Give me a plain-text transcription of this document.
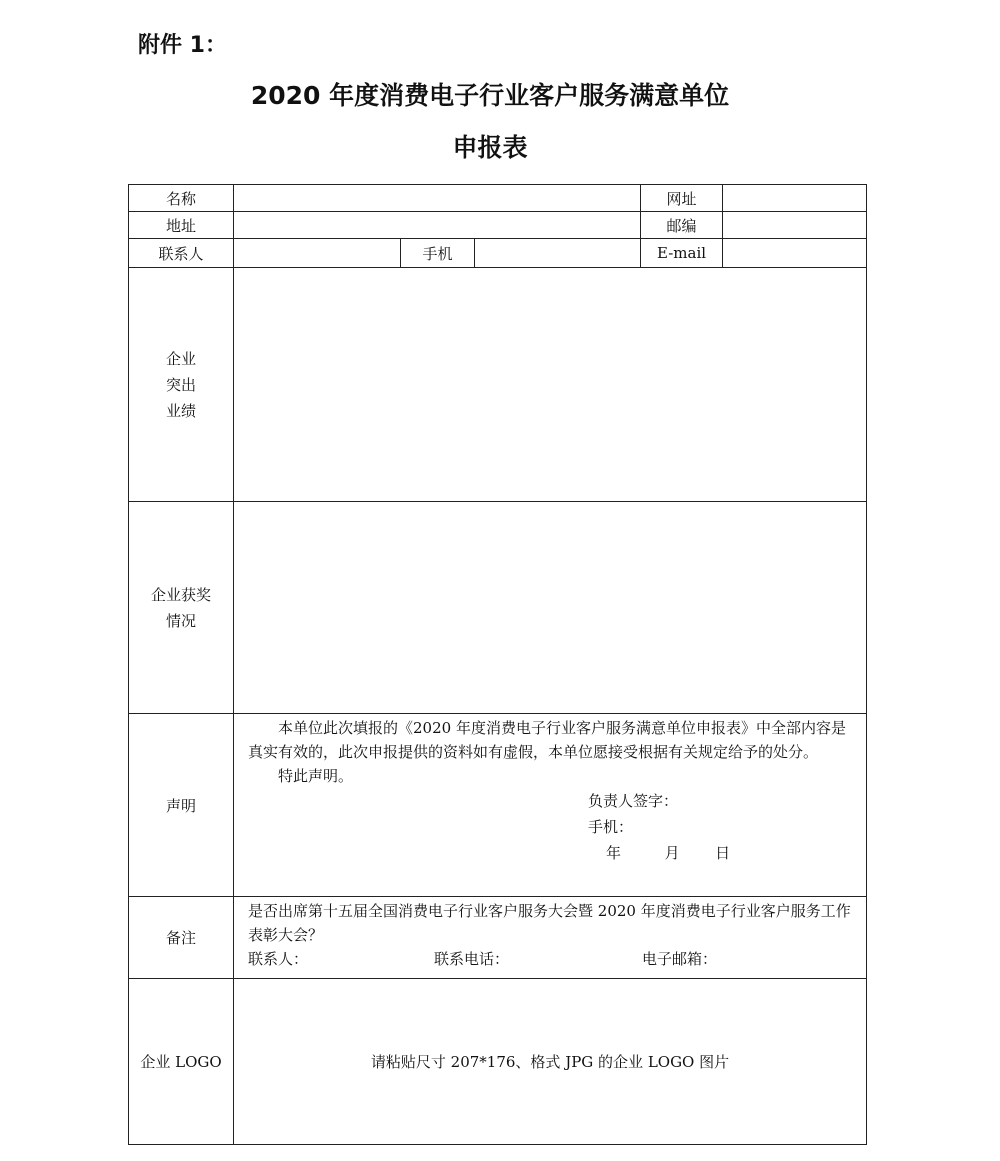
附件 1：
2020 年度消费电子行业客户服务满意单位
申报表
名称				网址	
地址				邮编	
联系人		手机		E-mail	

企业
突出
业绩					

企业获奖
情况					

声明	本单位此次填报的《2020 年度消费电子行业客户服务满意单位申报表》中全部内容是真实有效的，此次申报提供的资料如有虚假，本单位愿接受根据有关规定给予的处分。

特此声明。

负责人签字：
手机：
年 月 日				

备注	是否出席第十五届全国消费电子行业客户服务大会暨 2020 年度消费电子行业客户服务工作表彰大会？
联系人： 联系电话： 电子邮箱：				

企业 LOGO	请粘贴尺寸 207*176、格式 JPG 的企业 LOGO 图片				
